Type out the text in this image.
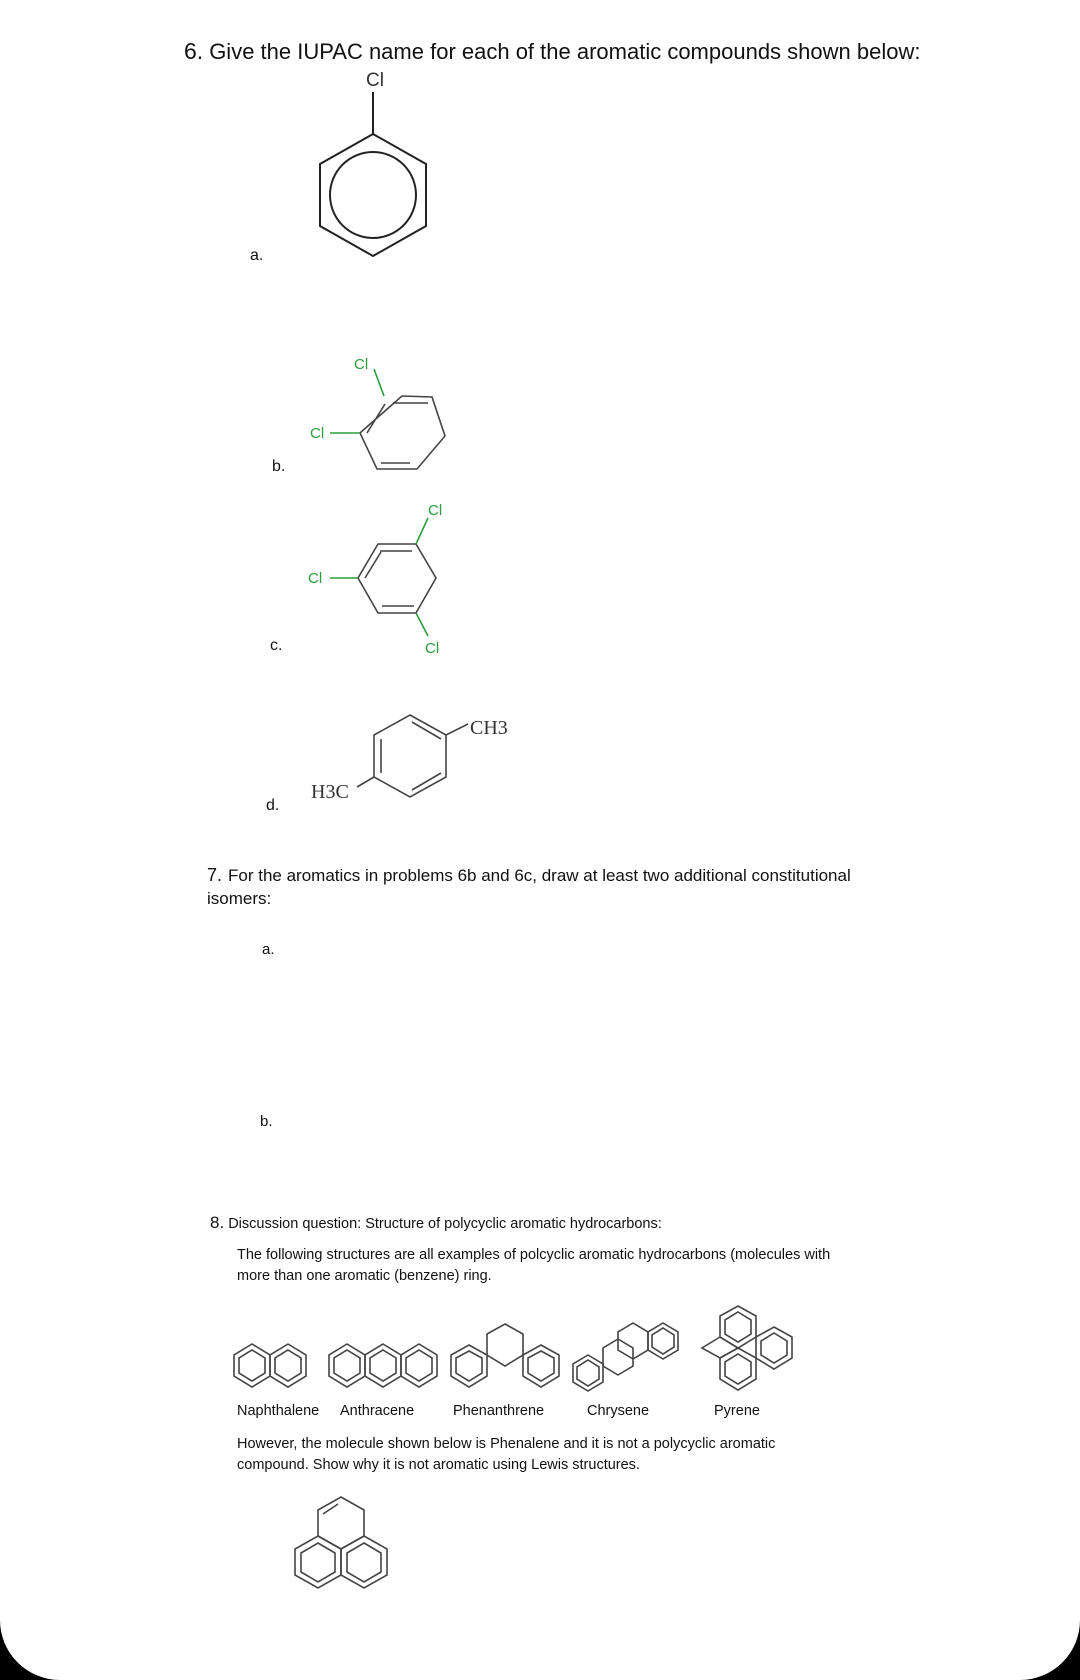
6. Give the IUPAC name for each of the aromatic compounds shown below:
a.
b.
c.
d.
Cl
Cl
Cl
Cl
Cl
Cl
CH3
H3C
7. For the aromatics in problems 6b and 6c, draw at least two additional constitutional isomers:
a.
b.
8. Discussion question: Structure of polycyclic aromatic hydrocarbons:
The following structures are all examples of polcyclic aromatic hydrocarbons (molecules with more than one aromatic (benzene) ring.
Naphthalene Anthracene	Phenanthrene	Chrysene	Pyrene
However, the molecule shown below is Phenalene and it is not a polycyclic aromatic compound. Show why it is not aromatic using Lewis structures.
